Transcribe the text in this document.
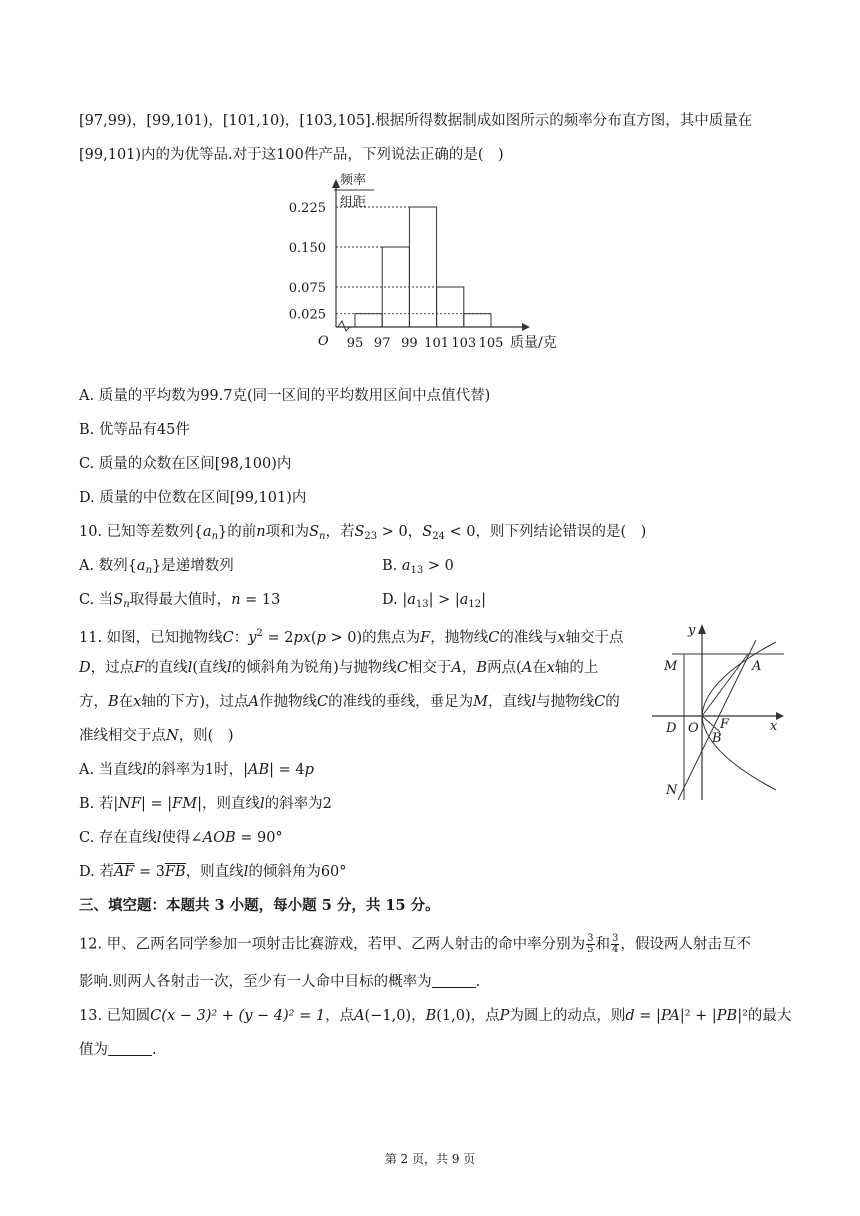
[97,99)，[99,101)，[101,10)，[103,105].根据所得数据制成如图所示的频率分布直方图，其中质量在
[99,101)内的为优等品.对于这100件产品，下列说法正确的是(　)
频率
组距
0.225
0.150
0.075
0.025
95 97 99 101 103 105
O	质量/克
A. 质量的平均数为99.7克(同一区间的平均数用区间中点值代替)
B. 优等品有45件
C. 质量的众数在区间[98,100)内
D. 质量的中位数在区间[99,101)内
10. 已知等差数列$\{a_n\}$的前n项和为$S_n$，若$S_{23} > 0$，$S_{24} < 0$，则下列结论错误的是(　)
A. 数列$\{a_n\}$是递增数列	B. $a_{13} > 0$
C. 当$S_n$取得最大值时，n = 13	D. $|a_{13}| > |a_{12}|$
11. 如图，已知抛物线C：$y^2 = 2px(p > 0)$的焦点为F，抛物线C的准线与x轴交于点
D，过点F的直线l(直线l的倾斜角为锐角)与抛物线C相交于A，B两点(A在x轴的上
方，B在x轴的下方)，过点A作抛物线C的准线的垂线，垂足为M，直线l与抛物线C的
准线相交于点N，则(　)
A. 当直线l的斜率为1时，|AB| = 4p
B. 若|NF| = |FM|，则直线l的斜率为2
C. 存在直线l使得∠AOB = 90°
D. 若AF = 3FB，则直线l的倾斜角为60°
y
x
M	A
D O F
B
N
三、填空题：本题共 3 小题，每小题 5 分，共 15 分。
12. 甲、乙两名同学参加一项射击比赛游戏，若甲、乙两人射击的命中率分别为 $\frac{3}{5}$ 和 $\frac{3}{4}$ ，假设两人射击互不
影响.则两人各射击一次，至少有一人命中目标的概率为	.
13. 已知圆C(x − 3)² + (y − 4)² = 1，点A(−1,0)，B(1,0)，点P为圆上的动点，则d = |PA|² + |PB|²的最大
值为	.
第 2 页，共 9 页
